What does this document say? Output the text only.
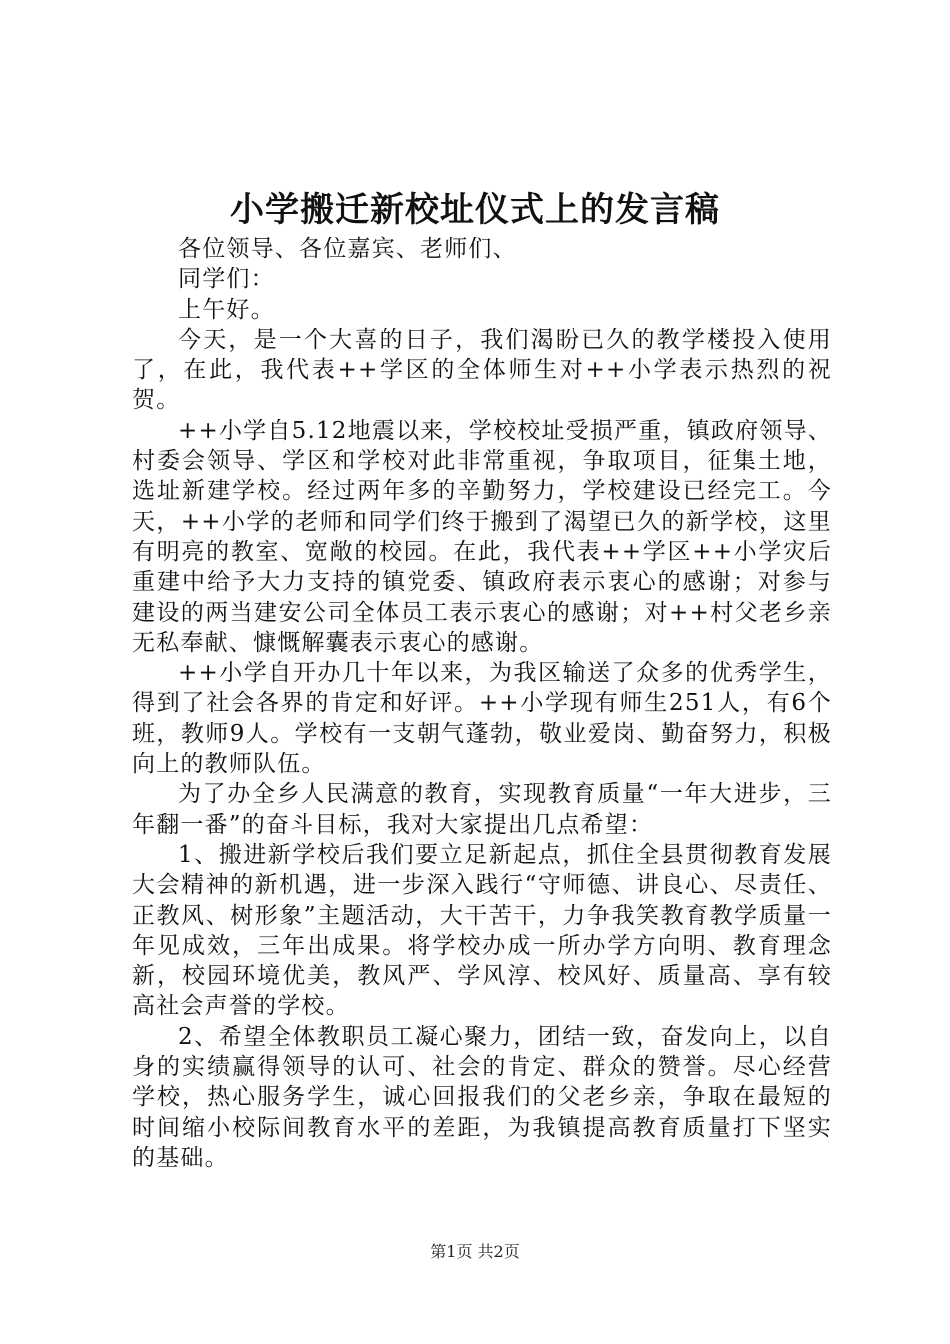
小学搬迁新校址仪式上的发言稿

各位领导、各位嘉宾、老师们、

同学们：

上午好。

今天，是一个大喜的日子，我们渴盼已久的教学楼投入使用了，在此，我代表++学区的全体师生对++小学表示热烈的祝贺。

++小学自5.12地震以来，学校校址受损严重，镇政府领导、村委会领导、学区和学校对此非常重视，争取项目，征集土地，选址新建学校。经过两年多的辛勤努力，学校建设已经完工。今天，++小学的老师和同学们终于搬到了渴望已久的新学校，这里有明亮的教室、宽敞的校园。在此，我代表++学区++小学灾后重建中给予大力支持的镇党委、镇政府表示衷心的感谢；对参与建设的两当建安公司全体员工表示衷心的感谢；对++村父老乡亲无私奉献、慷慨解囊表示衷心的感谢。

++小学自开办几十年以来，为我区输送了众多的优秀学生，得到了社会各界的肯定和好评。++小学现有师生251人，有6个班，教师9人。学校有一支朝气蓬勃，敬业爱岗、勤奋努力，积极向上的教师队伍。

为了办全乡人民满意的教育，实现教育质量“一年大进步，三年翻一番”的奋斗目标，我对大家提出几点希望：

1、搬进新学校后我们要立足新起点，抓住全县贯彻教育发展大会精神的新机遇，进一步深入践行“守师德、讲良心、尽责任、正教风、树形象”主题活动，大干苦干，力争我笑教育教学质量一年见成效，三年出成果。将学校办成一所办学方向明、教育理念新，校园环境优美，教风严、学风淳、校风好、质量高、享有较高社会声誉的学校。

2、希望全体教职员工凝心聚力，团结一致，奋发向上，以自身的实绩赢得领导的认可、社会的肯定、群众的赞誉。尽心经营学校，热心服务学生，诚心回报我们的父老乡亲，争取在最短的时间缩小校际间教育水平的差距，为我镇提高教育质量打下坚实的基础。

第1页 共2页
